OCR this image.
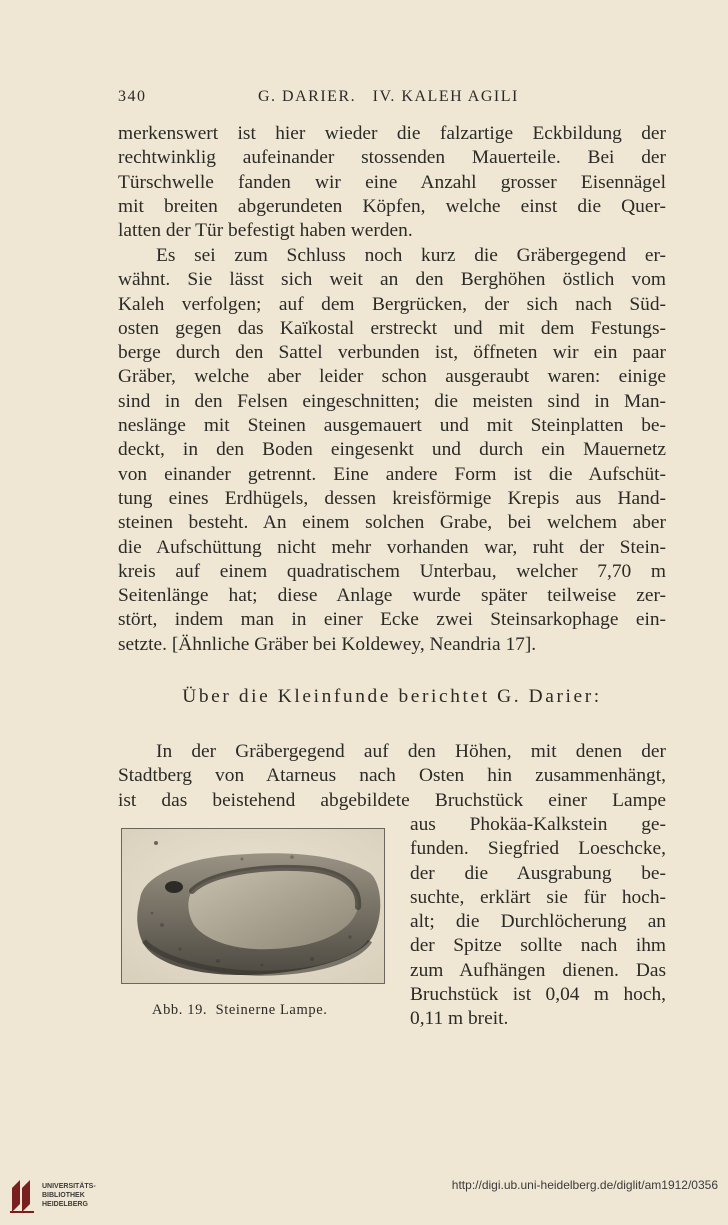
340	G. DARIER.   IV. KALEH AGILI

merkenswert ist hier wieder die falzartige Eckbildung der
rechtwinklig aufeinander stossenden Mauerteile. Bei der
Türschwelle fanden wir eine Anzahl grosser Eisennägel
mit breiten abgerundeten Köpfen, welche einst die Quer-
latten der Tür befestigt haben werden.

Es sei zum Schluss noch kurz die Gräbergegend er-
wähnt. Sie lässt sich weit an den Berghöhen östlich vom
Kaleh verfolgen; auf dem Bergrücken, der sich nach Süd-
osten gegen das Kaïkostal erstreckt und mit dem Festungs-
berge durch den Sattel verbunden ist, öffneten wir ein paar
Gräber, welche aber leider schon ausgeraubt waren: einige
sind in den Felsen eingeschnitten; die meisten sind in Man-
neslänge mit Steinen ausgemauert und mit Steinplatten be-
deckt, in den Boden eingesenkt und durch ein Mauernetz
von einander getrennt. Eine andere Form ist die Aufschüt-
tung eines Erdhügels, dessen kreisförmige Krepis aus Hand-
steinen besteht. An einem solchen Grabe, bei welchem aber
die Aufschüttung nicht mehr vorhanden war, ruht der Stein-
kreis auf einem quadratischem Unterbau, welcher 7,70 m
Seitenlänge hat; diese Anlage wurde später teilweise zer-
stört, indem man in einer Ecke zwei Steinsarkophage ein-
setzte. [Ähnliche Gräber bei Koldewey, Neandria 17].

Über die Kleinfunde berichtet G. Darier:

In der Gräbergegend auf den Höhen, mit denen der
Stadtberg von Atarneus nach Osten hin zusammenhängt,
ist das beistehend abgebildete Bruchstück einer Lampe

aus Phokäa-Kalkstein ge-
funden. Siegfried Loeschcke,
der die Ausgrabung be-
suchte, erklärt sie für hoch-
alt; die Durchlöcherung an
der Spitze sollte nach ihm
zum Aufhängen dienen. Das
Bruchstück ist 0,04 m hoch,
0,11 m breit.

Abb. 19.  Steinerne Lampe.
UNIVERSITÄTS-
BIBLIOTHEK
HEIDELBERG
http://digi.ub.uni-heidelberg.de/diglit/am1912/0356
